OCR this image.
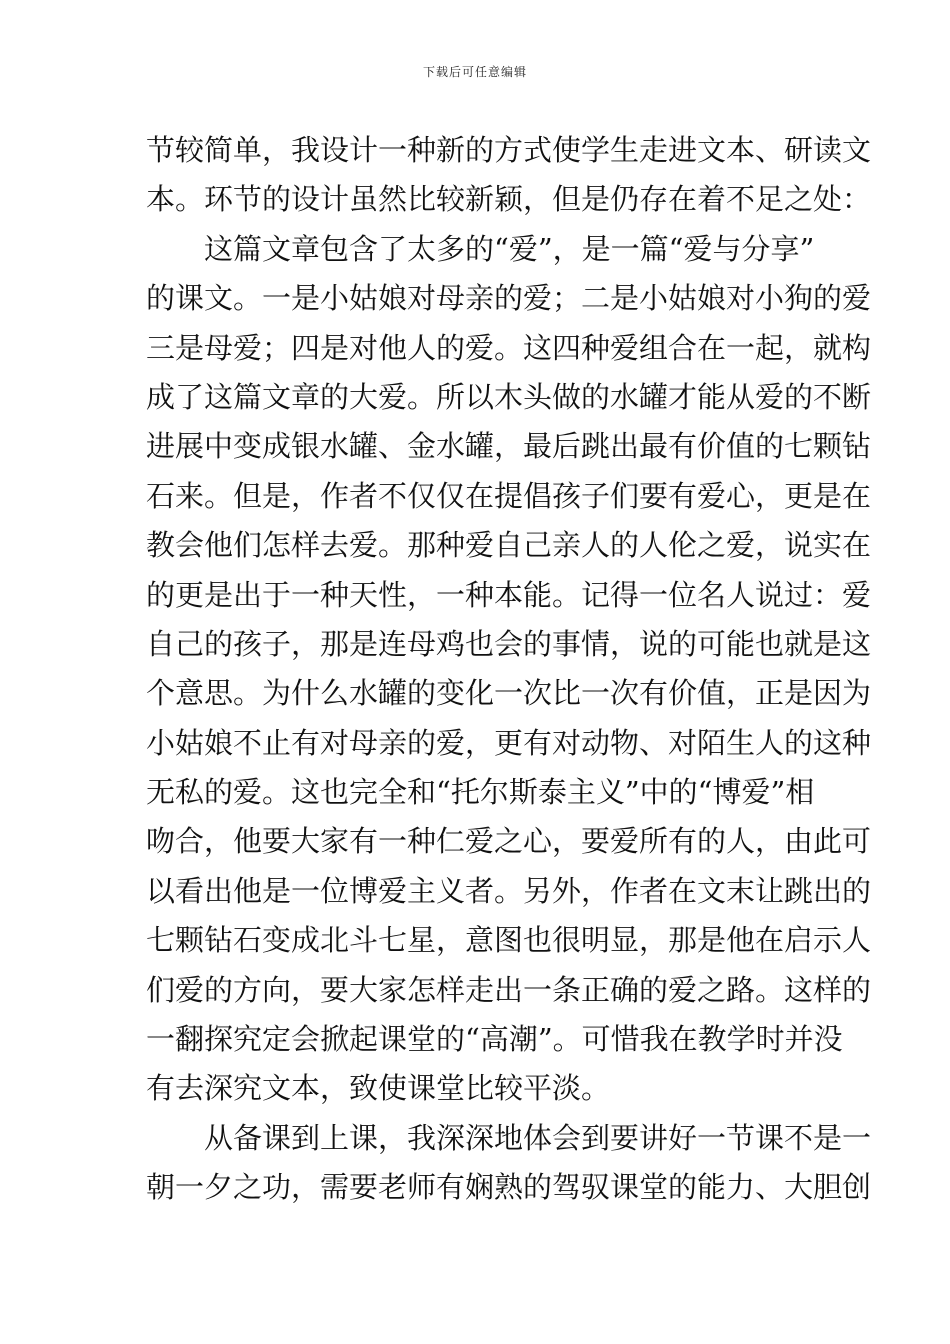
下载后可任意编辑
节较简单，我设计一种新的方式使学生走进文本、研读文
本。环节的设计虽然比较新颖，但是仍存在着不足之处：
　　这篇文章包含了太多的“爱”，是一篇“爱与分享”
的课文。一是小姑娘对母亲的爱；二是小姑娘对小狗的爱
三是母爱；四是对他人的爱。这四种爱组合在一起，就构
成了这篇文章的大爱。所以木头做的水罐才能从爱的不断
进展中变成银水罐、金水罐，最后跳出最有价值的七颗钻
石来。但是，作者不仅仅在提倡孩子们要有爱心，更是在
教会他们怎样去爱。那种爱自己亲人的人伦之爱，说实在
的更是出于一种天性，一种本能。记得一位名人说过：爱
自己的孩子，那是连母鸡也会的事情，说的可能也就是这
个意思。为什么水罐的变化一次比一次有价值，正是因为
小姑娘不止有对母亲的爱，更有对动物、对陌生人的这种
无私的爱。这也完全和“托尔斯泰主义”中的“博爱”相
吻合，他要大家有一种仁爱之心，要爱所有的人，由此可
以看出他是一位博爱主义者。另外，作者在文末让跳出的
七颗钻石变成北斗七星，意图也很明显，那是他在启示人
们爱的方向，要大家怎样走出一条正确的爱之路。这样的
一翻探究定会掀起课堂的“高潮”。可惜我在教学时并没
有去深究文本，致使课堂比较平淡。
　　从备课到上课，我深深地体会到要讲好一节课不是一
朝一夕之功，需要老师有娴熟的驾驭课堂的能力、大胆创
